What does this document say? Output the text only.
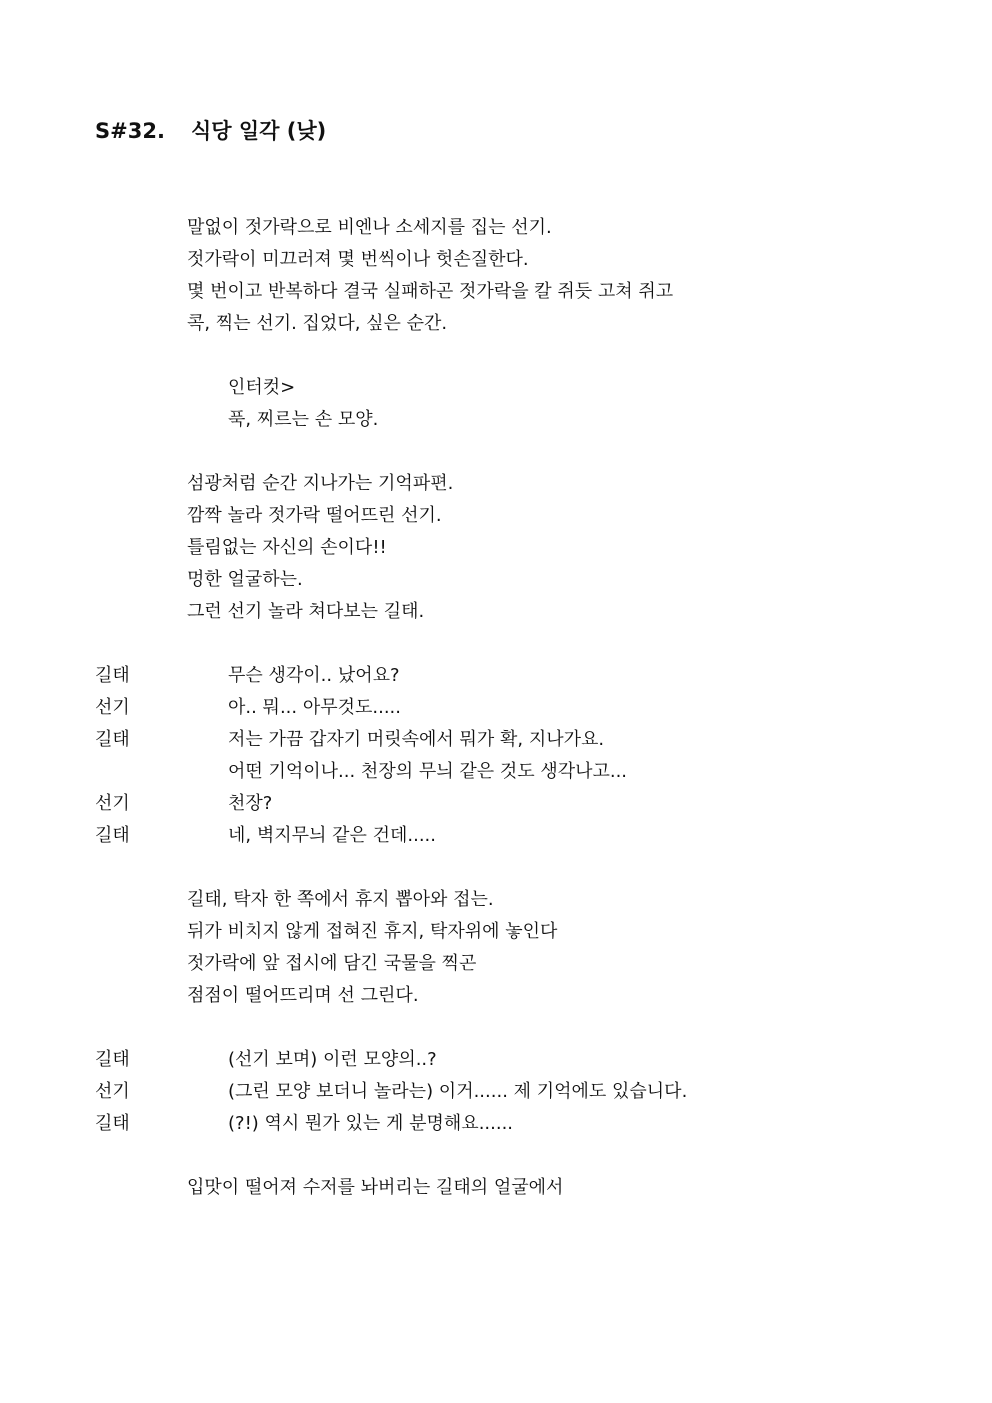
S#32. 식당 일각 (낮)
말없이 젓가락으로 비엔나 소세지를 집는 선기.
젓가락이 미끄러져 몇 번씩이나 헛손질한다.
몇 번이고 반복하다 결국 실패하곤 젓가락을 칼 쥐듯 고쳐 쥐고
콕, 찍는 선기. 집었다, 싶은 순간.
인터컷>
푹, 찌르는 손 모양.
섬광처럼 순간 지나가는 기억파편.
깜짝 놀라 젓가락 떨어뜨린 선기.
틀림없는 자신의 손이다!!
멍한 얼굴하는.
그런 선기 놀라 쳐다보는 길태.
길태	무슨 생각이.. 났어요?
선기	아.. 뭐... 아무것도.....
길태	저는 가끔 갑자기 머릿속에서 뭐가 확, 지나가요.
어떤 기억이나... 천장의 무늬 같은 것도 생각나고...
선기	천장?
길태	네, 벽지무늬 같은 건데.....
길태, 탁자 한 쪽에서 휴지 뽑아와 접는.
뒤가 비치지 않게 접혀진 휴지, 탁자위에 놓인다
젓가락에 앞 접시에 담긴 국물을 찍곤
점점이 떨어뜨리며 선 그린다.
길태	(선기 보며) 이런 모양의..?
선기	(그린 모양 보더니 놀라는) 이거...... 제 기억에도 있습니다.
길태	(?!) 역시 뭔가 있는 게 분명해요......
입맛이 떨어져 수저를 놔버리는 길태의 얼굴에서
